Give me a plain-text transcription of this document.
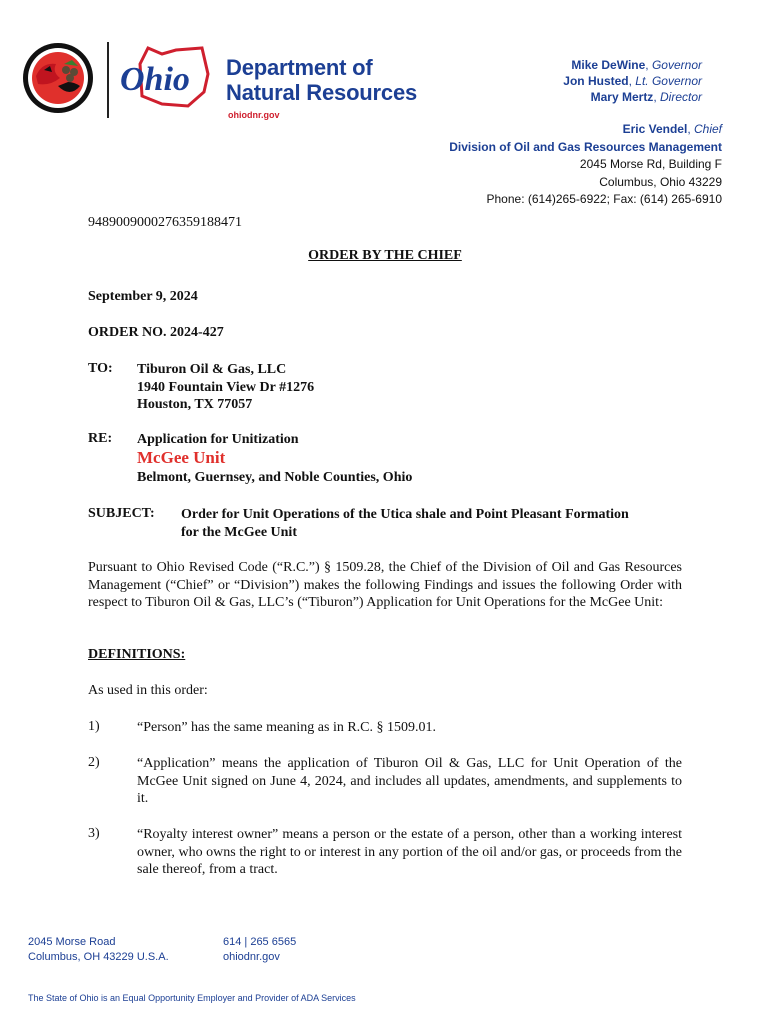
Ohio Department of
Natural Resources
ohiodnr.gov
Mike DeWine, Governor
Jon Husted, Lt. Governor
Mary Mertz, Director
Eric Vendel, Chief
Division of Oil and Gas Resources Management
2045 Morse Rd, Building F
Columbus, Ohio 43229
Phone: (614)265-6922; Fax: (614) 265-6910
9489009000276359188471
ORDER BY THE CHIEF
September 9, 2024
ORDER NO. 2024-427
TO: Tiburon Oil & Gas, LLC
1940 Fountain View Dr #1276
Houston, TX 77057
RE: Application for Unitization
McGee Unit
Belmont, Guernsey, and Noble Counties, Ohio
SUBJECT: Order for Unit Operations of the Utica shale and Point Pleasant Formation
for the McGee Unit
Pursuant to Ohio Revised Code (“R.C.”) § 1509.28, the Chief of the Division of Oil and Gas Resources Management (“Chief” or “Division”) makes the following Findings and issues the following Order with respect to Tiburon Oil & Gas, LLC’s (“Tiburon”) Application for Unit Operations for the McGee Unit:
DEFINITIONS:
As used in this order:
1)	“Person” has the same meaning as in R.C. § 1509.01.
2)	“Application” means the application of Tiburon Oil & Gas, LLC for Unit Operation of the McGee Unit signed on June 4, 2024, and includes all updates, amendments, and supplements to it.
3)	“Royalty interest owner” means a person or the estate of a person, other than a working interest owner, who owns the right to or interest in any portion of the oil and/or gas, or proceeds from the sale thereof, from a tract.
2045 Morse Road
Columbus, OH 43229 U.S.A.
614 | 265 6565
ohiodnr.gov
The State of Ohio is an Equal Opportunity Employer and Provider of ADA Services
